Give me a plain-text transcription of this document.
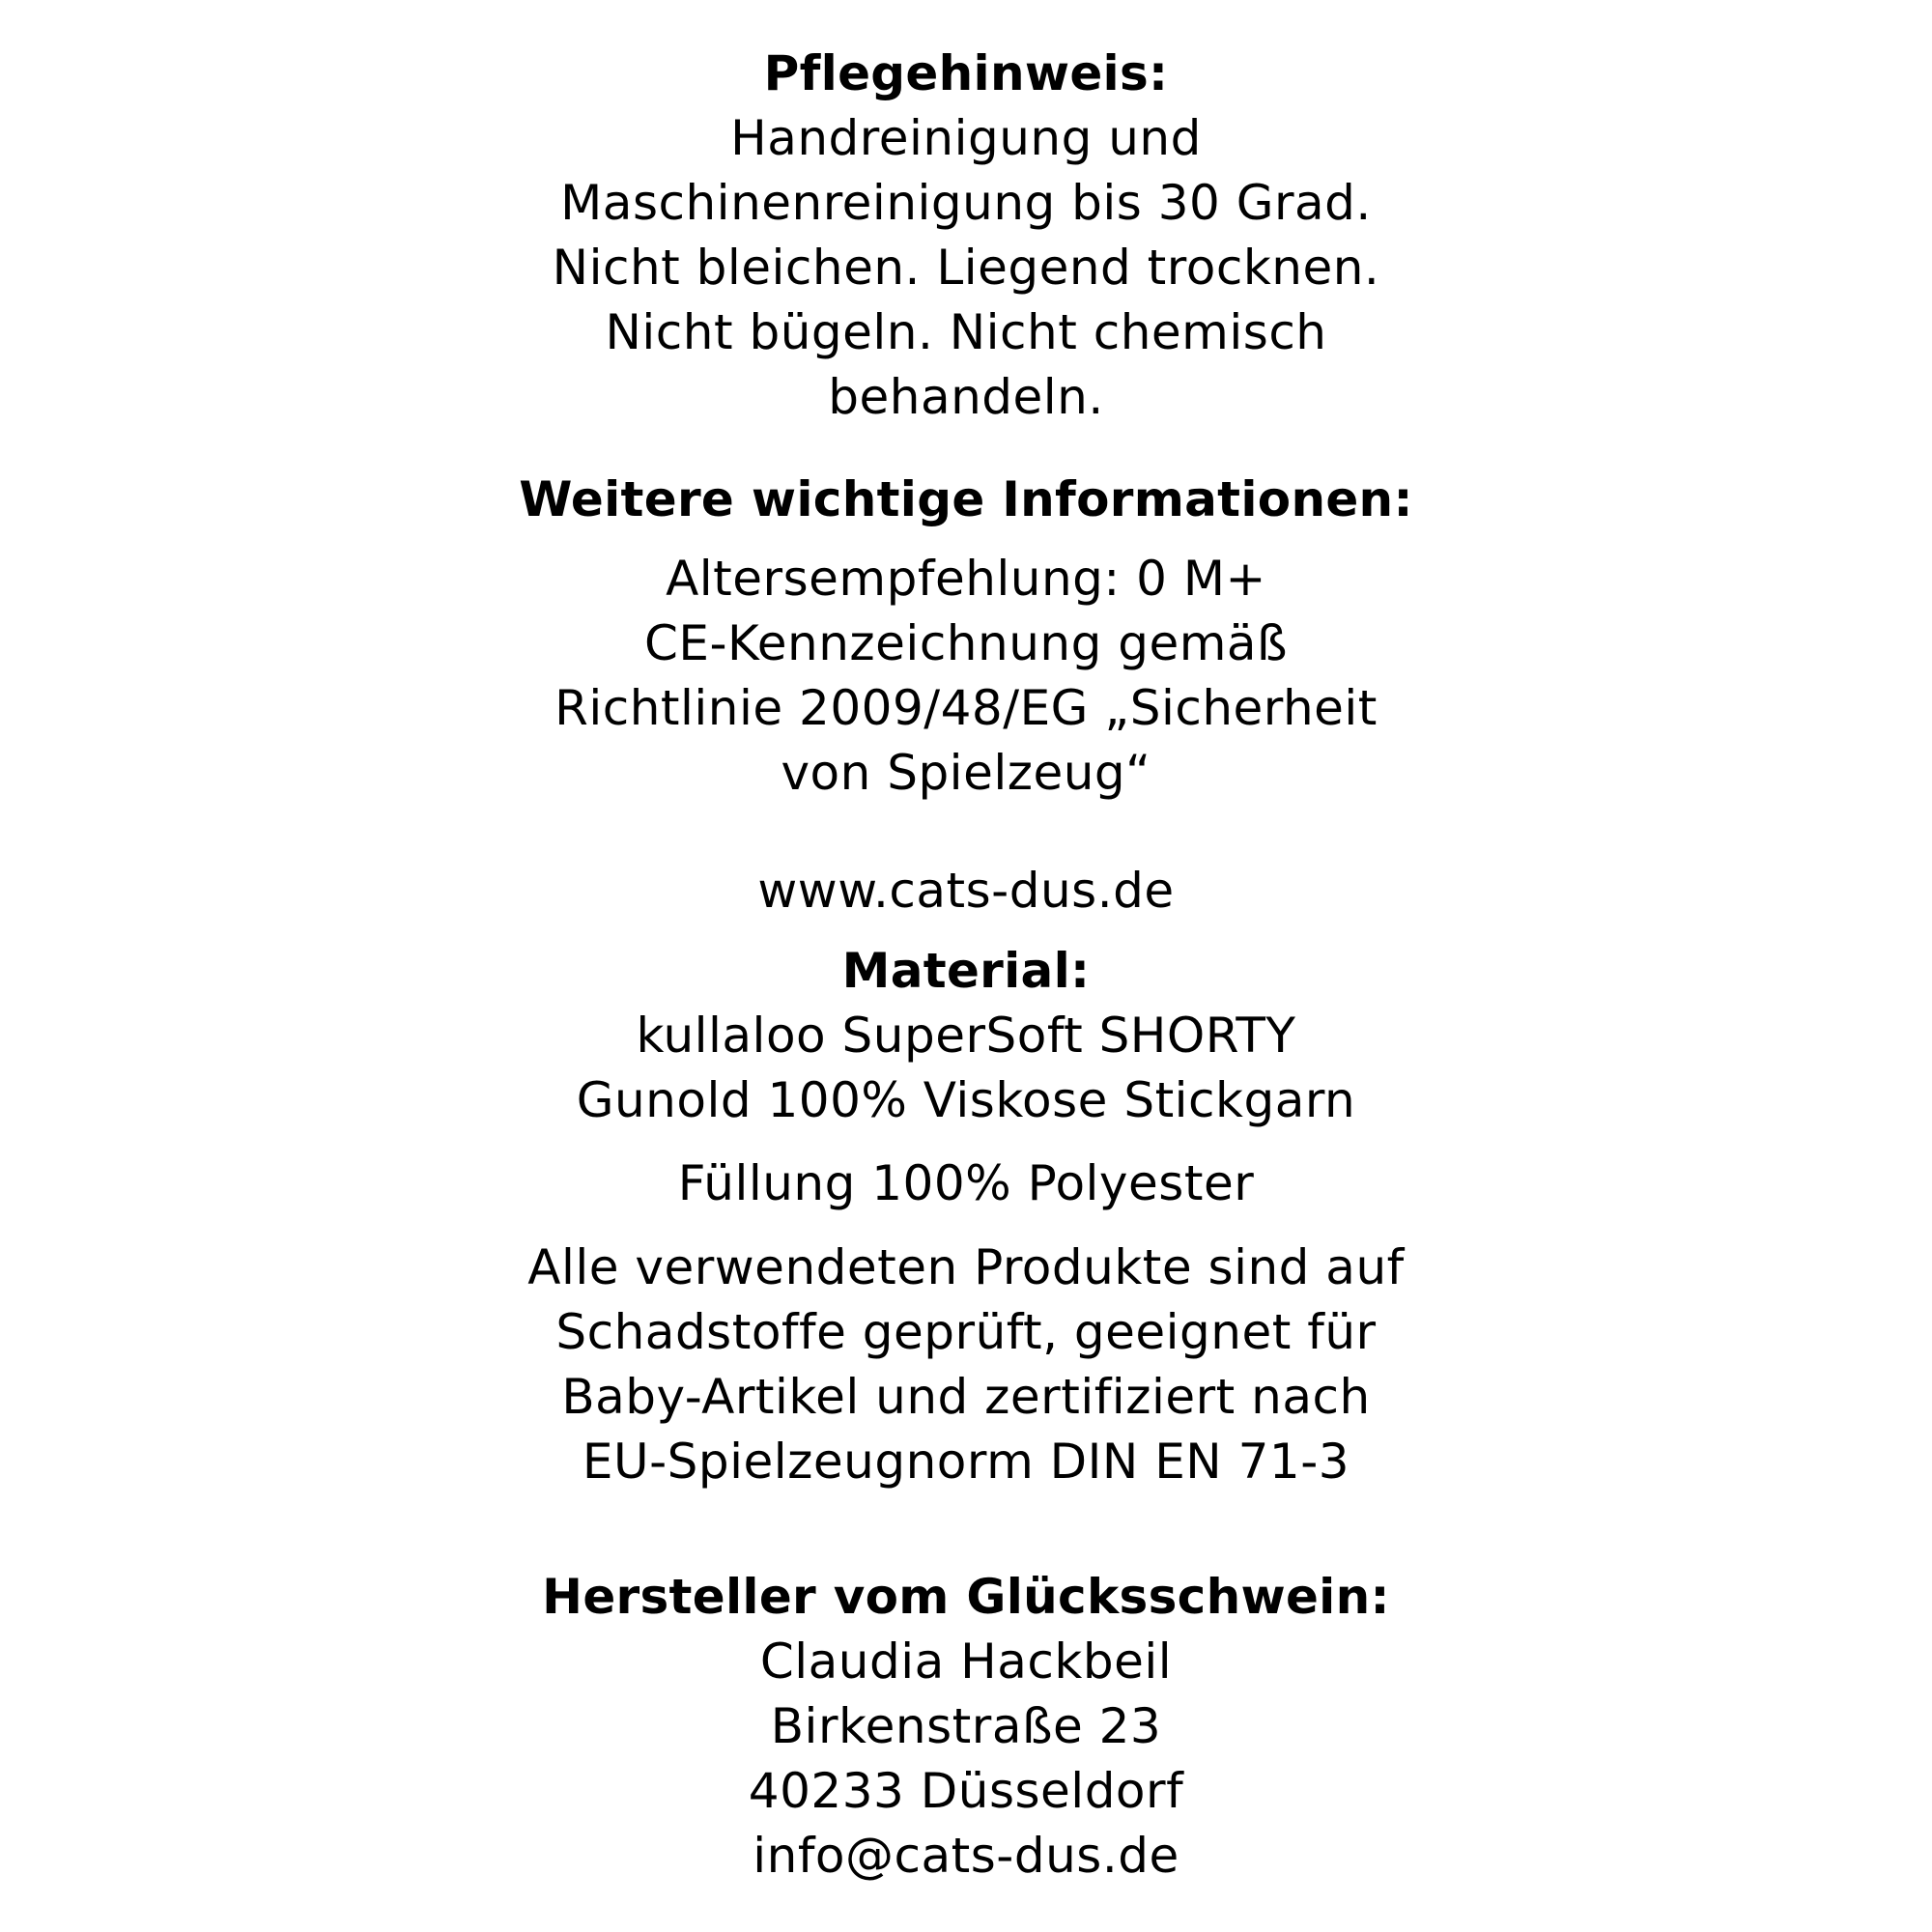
Pflegehinweis:
Handreinigung und
Maschinenreinigung bis 30 Grad.
Nicht bleichen. Liegend trocknen.
Nicht bügeln. Nicht chemisch
behandeln.
Weitere wichtige Informationen:
Altersempfehlung: 0 M+
CE-Kennzeichnung gemäß
Richtlinie 2009/48/EG „Sicherheit
von Spielzeug“
www.cats-dus.de
Material:
kullaloo SuperSoft SHORTY
Gunold 100% Viskose Stickgarn
Füllung 100% Polyester
Alle verwendeten Produkte sind auf
Schadstoffe geprüft, geeignet für
Baby-Artikel und zertifiziert nach
EU-Spielzeugnorm DIN EN 71-3
Hersteller vom Glücksschwein:
Claudia Hackbeil
Birkenstraße 23
40233 Düsseldorf
info@cats-dus.de
